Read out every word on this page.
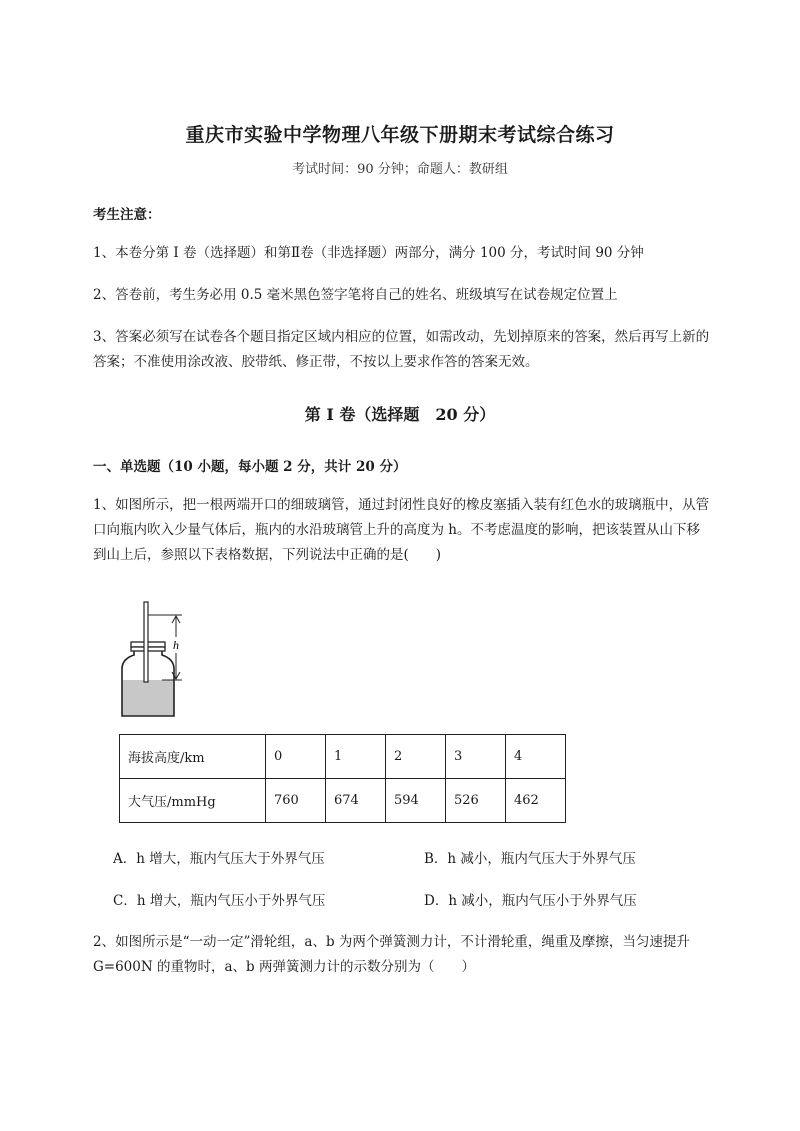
重庆市实验中学物理八年级下册期末考试综合练习
考试时间：90 分钟；命题人：教研组
考生注意：
1、本卷分第 I 卷（选择题）和第Ⅱ卷（非选择题）两部分，满分 100 分，考试时间 90 分钟
2、答卷前，考生务必用 0.5 毫米黑色签字笔将自己的姓名、班级填写在试卷规定位置上
3、答案必须写在试卷各个题目指定区域内相应的位置，如需改动，先划掉原来的答案，然后再写上新的答案；不准使用涂改液、胶带纸、修正带，不按以上要求作答的答案无效。
第 I 卷（选择题　20 分）
一、单选题（10 小题，每小题 2 分，共计 20 分）
1、如图所示，把一根两端开口的细玻璃管，通过封闭性良好的橡皮塞插入装有红色水的玻璃瓶中，从管口向瓶内吹入少量气体后，瓶内的水沿玻璃管上升的高度为 h。不考虑温度的影响，把该装置从山下移到山上后，参照以下表格数据，下列说法中正确的是(　　)
h
海拔高度/km	0	1	2	3	4
大气压/mmHg	760	674	594	526	462
A．h 增大，瓶内气压大于外界气压	B．h 减小，瓶内气压大于外界气压
C．h 增大，瓶内气压小于外界气压	D．h 减小，瓶内气压小于外界气压
2、如图所示是“一动一定”滑轮组，a、b 为两个弹簧测力计，不计滑轮重，绳重及摩擦，当匀速提升 G=600N 的重物时，a、b 两弹簧测力计的示数分别为（　　）
